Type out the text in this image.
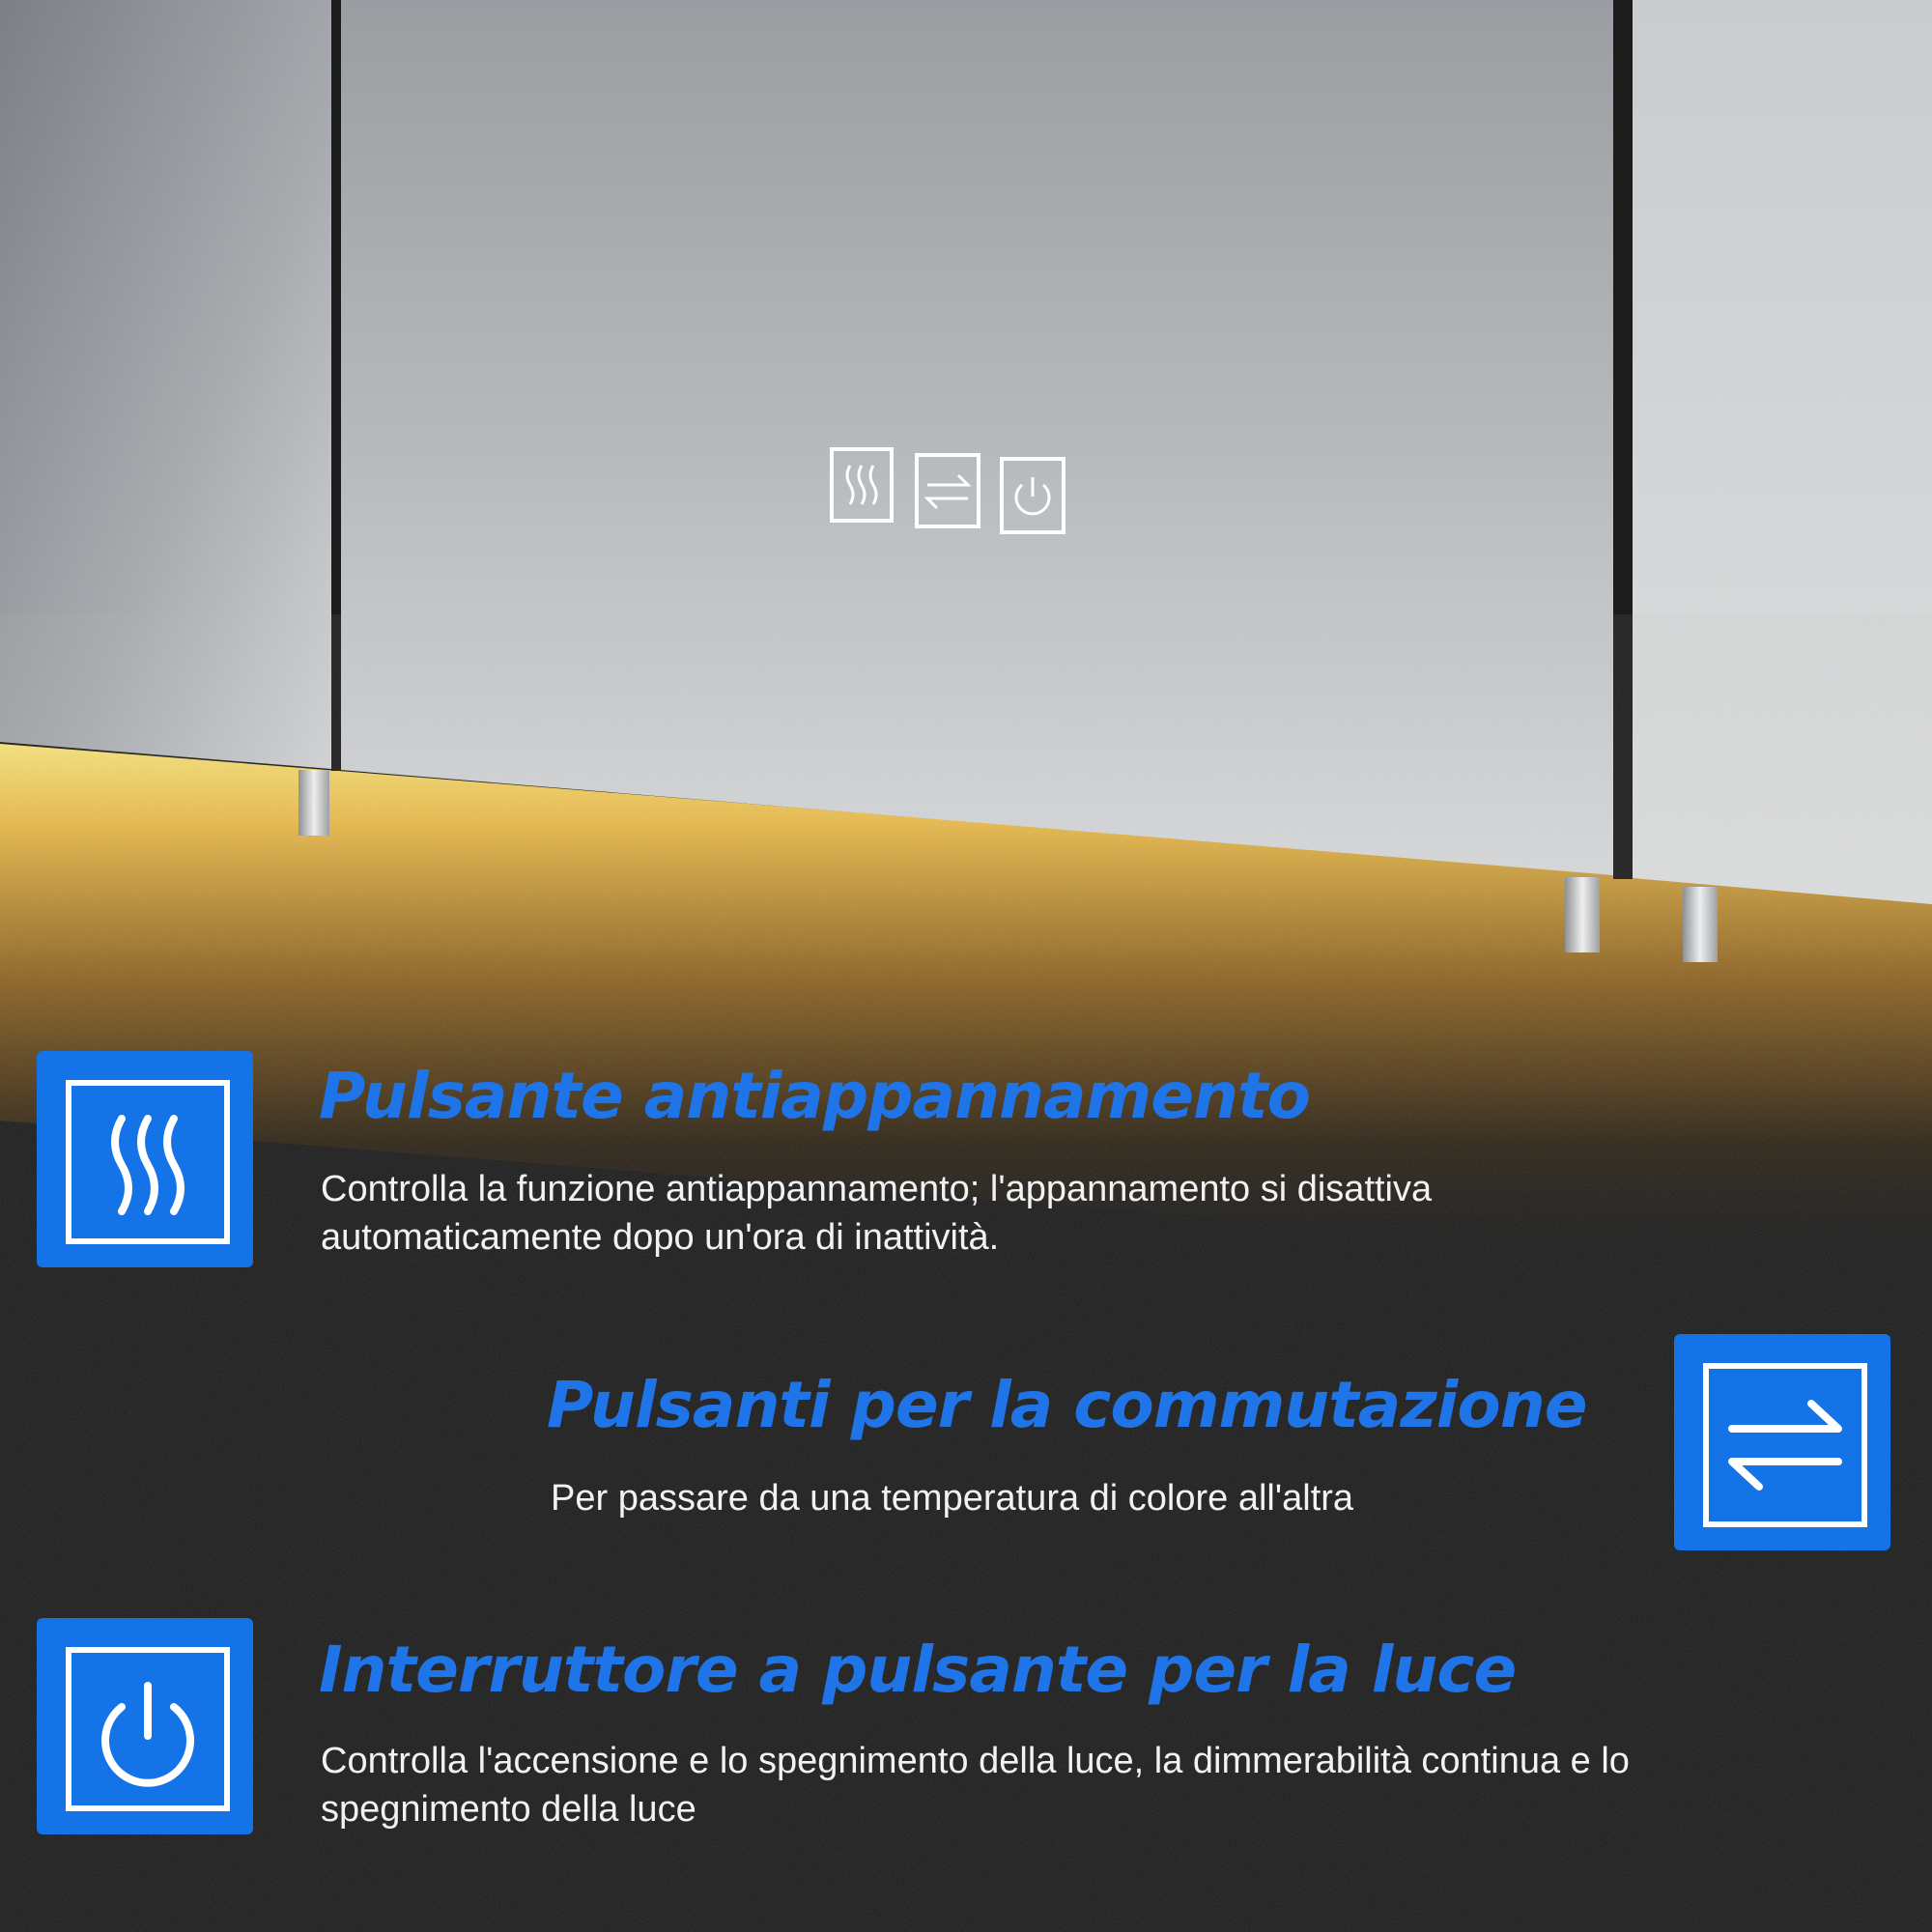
Pulsante antiappannamento

Controlla la funzione antiappannamento; l'appannamento si disattiva automaticamente dopo un'ora di inattività.

Pulsanti per la commutazione

Per passare da una temperatura di colore all'altra

Interruttore a pulsante per la luce

Controlla l'accensione e lo spegnimento della luce, la dimmerabilità continua e lo spegnimento della luce
